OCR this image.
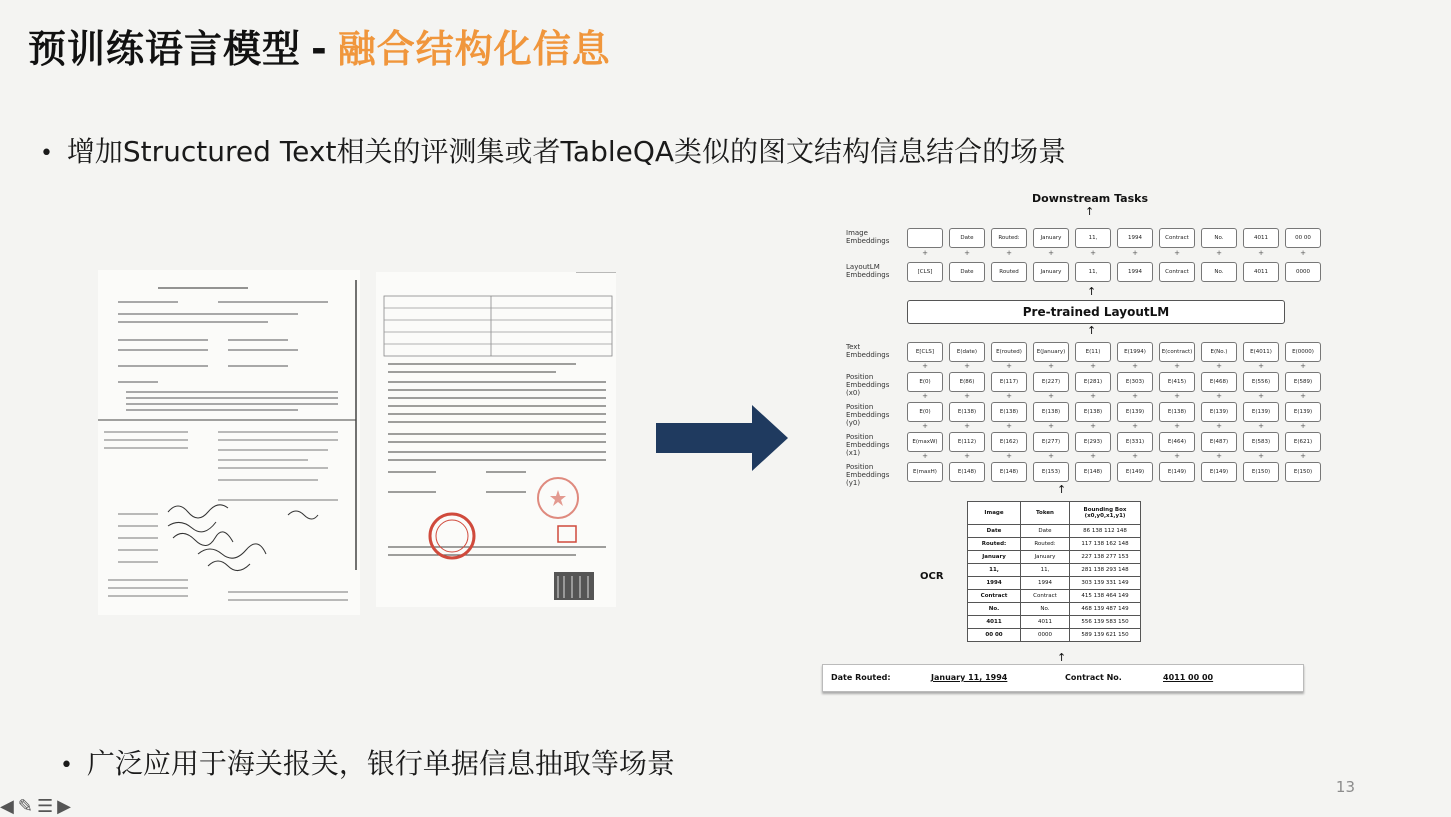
预训练语言模型 - 融合结构化信息
• 增加Structured Text相关的评测集或者TableQA类似的图文结构信息结合的场景
Downstream Tasks
↑
Image Embeddings	Date	Routed:	January	11,	1994	Contract	No.	4011	00 00
+	+	+	+	+	+	+	+	+	+
LayoutLM Embeddings	[CLS]	Date	Routed	January	11,	1994	Contract	No.	4011	0000
↑
Pre-trained LayoutLM
↑
Text Embeddings	E[CLS]	E(date)	E(routed)	E(January)	E(11)	E(1994)	E(contract)	E(No.)	E(4011)	E(0000)
+	+	+	+	+	+	+	+	+	+
Position Embeddings (x0)
E(0)	E(86)	E(117)	E(227)	E(281)	E(303)	E(415)	E(468)	E(556)	E(589)
+	+	+	+	+	+	+	+	+	+
Position Embeddings (y0)
E(0)	E(138)	E(138)	E(138)	E(138)	E(139)	E(138)	E(139)	E(139)	E(139)
+	+	+	+	+	+	+	+	+	+
Position Embeddings (x1)
E(maxW)	E(112)	E(162)	E(277)	E(293)	E(331)	E(464)	E(487)	E(583)	E(621)
+	+	+	+	+	+	+	+	+	+
Position Embeddings (y1)
E(maxH)	E(148)	E(148)	E(153)	E(148)	E(149)	E(149)	E(149)	E(150)	E(150)
↑
OCR
Image	Token	Bounding Box (x0,y0,x1,y1)
Date	Date	86 138 112 148
Routed:	Routed:	117 138 162 148
January	January	227 138 277 153
11,	11,	281 138 293 148
1994	1994	303 139 331 149
Contract	Contract	415 138 464 149
No.	No.	468 139 487 149
4011	4011	556 139 583 150
00 00	0000	589 139 621 150
↑
Date Routed:	January 11, 1994	Contract No.	4011 00 00
• 广泛应用于海关报关，银行单据信息抽取等场景
13
◀✎☰▶
